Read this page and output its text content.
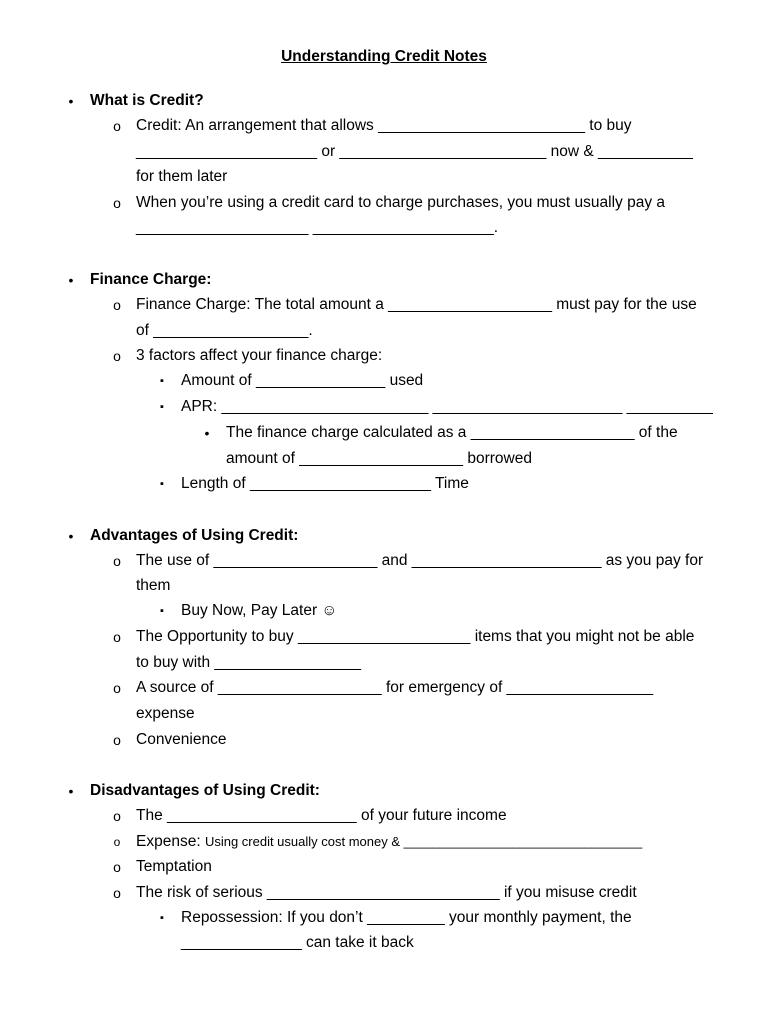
Understanding Credit Notes
• What is Credit?
o Credit: An arrangement that allows ________________________ to buy
_____________________ or ________________________ now & ___________
for them later
o When you’re using a credit card to charge purchases, you must usually pay a
____________________ _____________________.
• Finance Charge:
o Finance Charge: The total amount a ___________________ must pay for the use
of __________________.
o 3 factors affect your finance charge:
▪	Amount of _______________ used
▪	APR: ________________________ ______________________ __________
• The finance charge calculated as a ___________________ of the
amount of ___________________ borrowed
▪	Length of _____________________ Time
• Advantages of Using Credit:
o The use of ___________________ and ______________________ as you pay for
them
▪	Buy Now, Pay Later ☺
o The Opportunity to buy ____________________ items that you might not be able
to buy with _________________
o A source of ___________________ for emergency of _________________
expense
o Convenience
• Disadvantages of Using Credit:
o The ______________________ of your future income
o Expense: Using credit usually cost money & _________________________________
o Temptation
o The risk of serious ___________________________ if you misuse credit
▪	Repossession: If you don’t _________ your monthly payment, the
______________ can take it back
